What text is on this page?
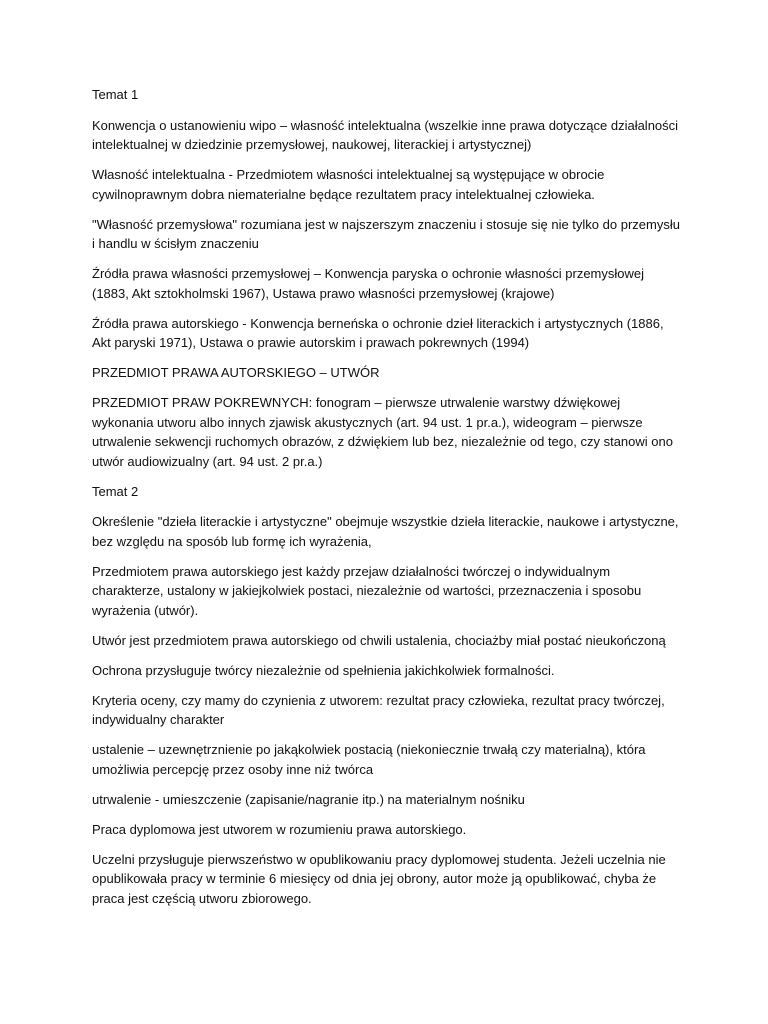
Temat 1

Konwencja o ustanowieniu wipo – własność intelektualna (wszelkie inne prawa dotyczące działalności intelektualnej w dziedzinie przemysłowej, naukowej, literackiej i artystycznej)

Własność intelektualna - Przedmiotem własności intelektualnej są występujące w obrocie cywilnoprawnym dobra niematerialne będące rezultatem pracy intelektualnej człowieka.

"Własność przemysłowa" rozumiana jest w najszerszym znaczeniu i stosuje się nie tylko do przemysłu i handlu w ścisłym znaczeniu

Źródła prawa własności przemysłowej – Konwencja paryska o ochronie własności przemysłowej (1883, Akt sztokholmski 1967), Ustawa prawo własności przemysłowej (krajowe)

Źródła prawa autorskiego - Konwencja berneńska o ochronie dzieł literackich i artystycznych (1886, Akt paryski 1971), Ustawa o prawie autorskim i prawach pokrewnych (1994)

PRZEDMIOT PRAWA AUTORSKIEGO – UTWÓR

PRZEDMIOT PRAW POKREWNYCH: fonogram – pierwsze utrwalenie warstwy dźwiękowej wykonania utworu albo innych zjawisk akustycznych (art. 94 ust. 1 pr.a.), wideogram – pierwsze utrwalenie sekwencji ruchomych obrazów, z dźwiękiem lub bez, niezależnie od tego, czy stanowi ono utwór audiowizualny (art. 94 ust. 2 pr.a.)

Temat 2

Określenie "dzieła literackie i artystyczne" obejmuje wszystkie dzieła literackie, naukowe i artystyczne, bez względu na sposób lub formę ich wyrażenia,

Przedmiotem prawa autorskiego jest każdy przejaw działalności twórczej o indywidualnym charakterze, ustalony w jakiejkolwiek postaci, niezależnie od wartości, przeznaczenia i sposobu wyrażenia (utwór).

Utwór jest przedmiotem prawa autorskiego od chwili ustalenia, chociażby miał postać nieukończoną

Ochrona przysługuje twórcy niezależnie od spełnienia jakichkolwiek formalności.

Kryteria oceny, czy mamy do czynienia z utworem: rezultat pracy człowieka, rezultat pracy twórczej, indywidualny charakter

ustalenie – uzewnętrznienie po jakąkolwiek postacią (niekoniecznie trwałą czy materialną), która umożliwia percepcję przez osoby inne niż twórca

utrwalenie - umieszczenie (zapisanie/nagranie itp.) na materialnym nośniku

Praca dyplomowa jest utworem w rozumieniu prawa autorskiego.

Uczelni przysługuje pierwszeństwo w opublikowaniu pracy dyplomowej studenta. Jeżeli uczelnia nie opublikowała pracy w terminie 6 miesięcy od dnia jej obrony, autor może ją opublikować, chyba że praca jest częścią utworu zbiorowego.
